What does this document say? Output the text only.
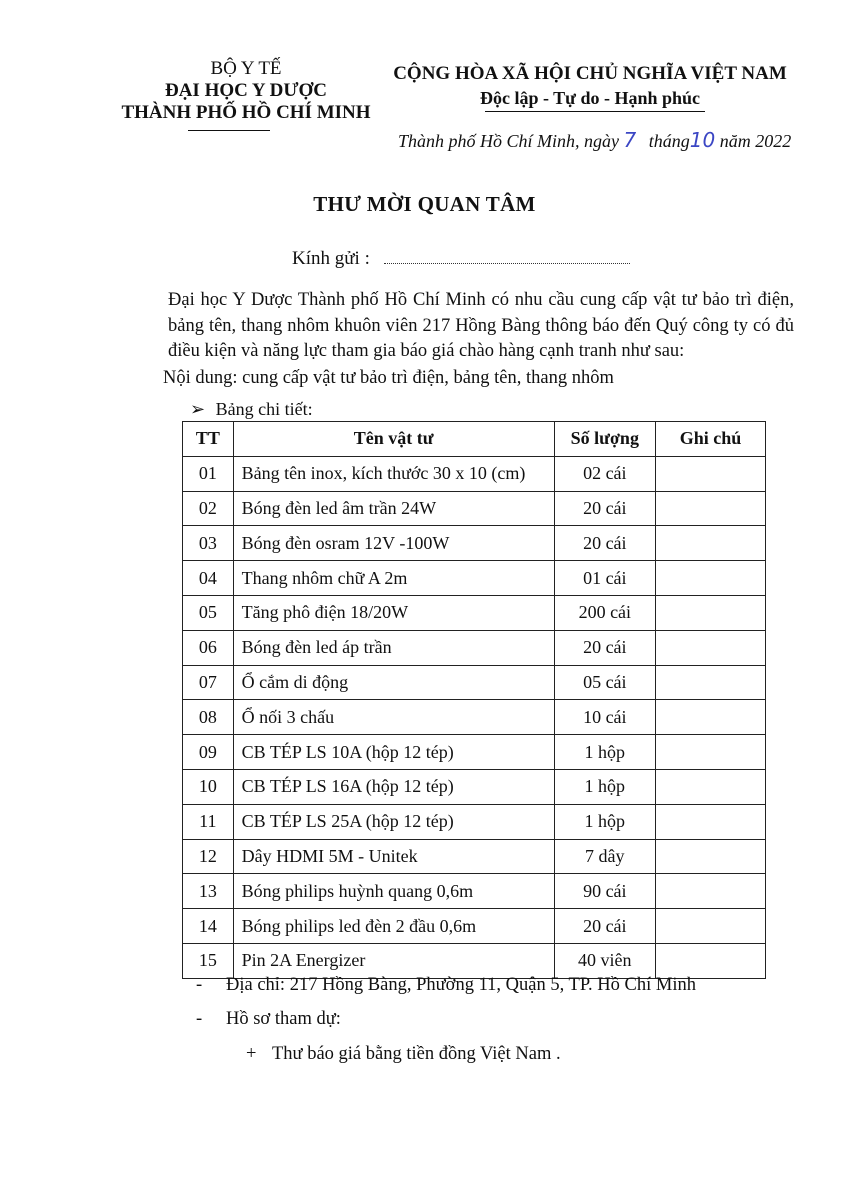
BỘ Y TẾ
ĐẠI HỌC Y DƯỢC
THÀNH PHỐ HỒ CHÍ MINH
CỘNG HÒA XÃ HỘI CHỦ NGHĨA VIỆT NAM
Độc lập - Tự do - Hạnh phúc
Thành phố Hồ Chí Minh, ngày 7 tháng10 năm 2022
THƯ MỜI QUAN TÂM
Kính gửi :

Đại học Y Dược Thành phố Hồ Chí Minh có nhu cầu cung cấp vật tư bảo trì điện, bảng tên, thang nhôm khuôn viên 217 Hồng Bàng thông báo đến Quý công ty có đủ điều kiện và năng lực tham gia báo giá chào hàng cạnh tranh như sau:

Nội dung: cung cấp vật tư bảo trì điện, bảng tên, thang nhôm
➢ Bảng chi tiết:
TT	Tên vật tư	Số lượng	Ghi chú
01	Bảng tên inox, kích thước 30 x 10 (cm)	02 cái	
02	Bóng đèn led âm trần 24W	20 cái	
03	Bóng đèn osram 12V -100W	20 cái	
04	Thang nhôm chữ A 2m	01 cái	
05	Tăng phô điện 18/20W	200 cái	
06	Bóng đèn led áp trần	20 cái	
07	Ổ cắm di động	05 cái	
08	Ổ nối 3 chấu	10 cái	
09	CB TÉP LS 10A (hộp 12 tép)	1 hộp	
10	CB TÉP LS 16A (hộp 12 tép)	1 hộp	
11	CB TÉP LS 25A (hộp 12 tép)	1 hộp	
12	Dây HDMI 5M - Unitek	7 dây	
13	Bóng philips huỳnh quang 0,6m	90 cái	
14	Bóng philips led đèn 2 đầu 0,6m	20 cái	
15	Pin 2A Energizer	40 viên	
- Địa chỉ: 217 Hồng Bàng, Phường 11, Quận 5, TP. Hồ Chí Minh
- Hồ sơ tham dự:
+ Thư báo giá bằng tiền đồng Việt Nam .
